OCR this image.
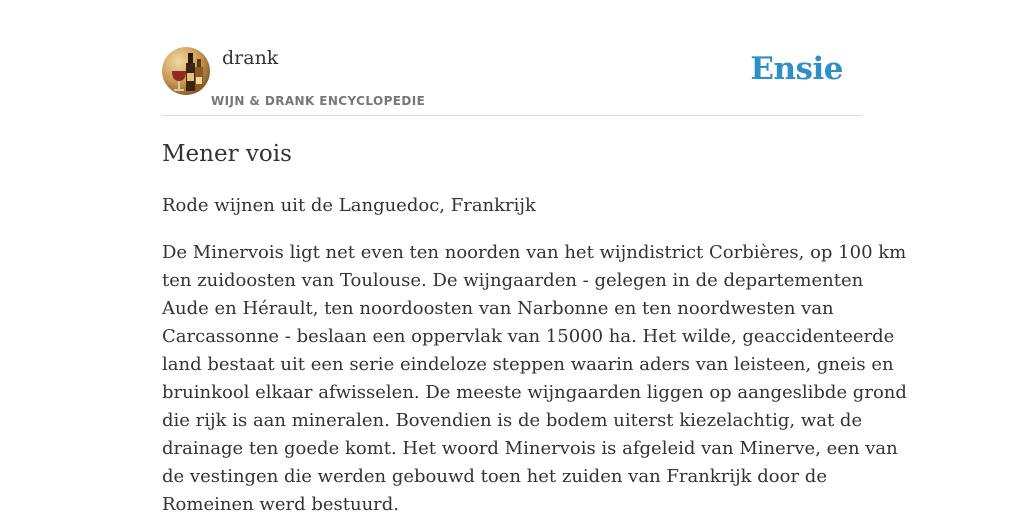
drank
WIJN & DRANK ENCYCLOPEDIE
Ensie
Mener vois

Rode wijnen uit de Languedoc, Frankrijk

De Minervois ligt net even ten noorden van het wijndistrict Corbières, op 100 km
ten zuidoosten van Toulouse. De wijngaarden - gelegen in de departementen
Aude en Hérault, ten noordoosten van Narbonne en ten noordwesten van
Carcassonne - beslaan een oppervlak van 15000 ha. Het wilde, geaccidenteerde
land bestaat uit een serie eindeloze steppen waarin aders van leisteen, gneis en
bruinkool elkaar afwisselen. De meeste wijngaarden liggen op aangeslibde grond
die rijk is aan mineralen. Bovendien is de bodem uiterst kiezelachtig, wat de
drainage ten goede komt. Het woord Minervois is afgeleid van Minerve, een van
de vestingen die werden gebouwd toen het zuiden van Frankrijk door de
Romeinen werd bestuurd.
